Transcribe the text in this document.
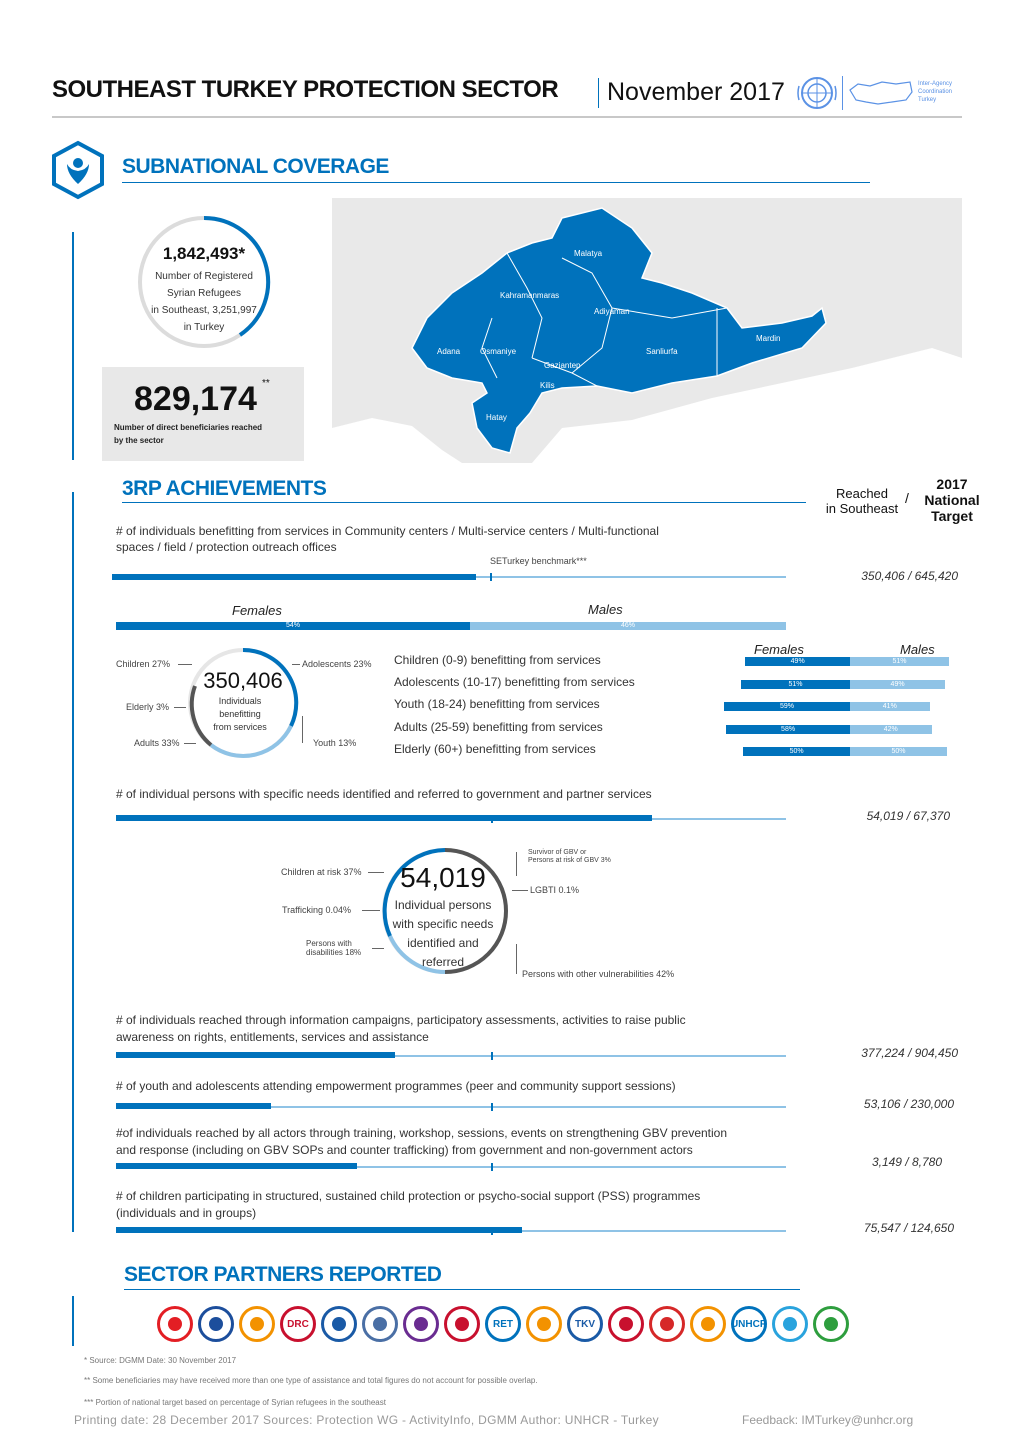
SOUTHEAST TURKEY PROTECTION SECTOR November 2017	Inter-Agency Coordination Turkey
SUBNATIONAL COVERAGE
1,842,493*
Number of Registered
Syrian Refugees
in Southeast, 3,251,997
in Turkey
829,174 **
Number of direct beneficiaries reached
by the sector
Malatya
Kahramanmaras
Adiyaman
Adana Osmaniye
Gaziantep
Sanliurfa
Mardin
Kilis
Hatay
3RP ACHIEVEMENTS	Reached
in Southeast
/
2017
National
Target
# of individuals benefitting from services in Community centers / Multi-service centers / Multi-functional
spaces / field / protection outreach offices
SETurkey benchmark***
350,406 / 645,420
Females	Males
54%	46%
350,406
Individuals
benefitting
from services
Children 27%	Adolescents 23%
Elderly 3%
Adults 33%	Youth 13%
Females	Males
Children (0-9) benefitting from services	49%	51%
Adolescents (10-17) benefitting from services	51%	49%
Youth (18-24) benefitting from services	59%	41%
Adults (25-59) benefitting from services	58%	42%
Elderly (60+) benefitting from services	50%	50%
# of individual persons with specific needs identified and referred to government and partner services
54,019 / 67,370
54,019
Individual persons
with specific needs
identified and
referred
Children at risk 37%
Trafficking 0.04%
Persons with
disabilities 18%
Survivor of GBV or
Persons at risk of GBV 3%
LGBTI 0.1%
Persons with other vulnerabilities 42%
# of individuals reached through information campaigns, participatory assessments, activities to raise public
awareness on rights, entitlements, services and assistance
377,224 / 904,450
# of youth and adolescents attending empowerment programmes (peer and community support sessions)
53,106 / 230,000
#of individuals reached by all actors through training, workshop, sessions, events on strengthening GBV prevention
and response (including on GBV SOPs and counter trafficking) from government and non-government actors
3,149 / 8,780
# of children participating in structured, sustained child protection or psycho-social support (PSS) programmes
(individuals and in groups)
75,547 / 124,650
SECTOR PARTNERS REPORTED
DRC	RET	TKV	UNHCR
* Source: DGMM Date: 30 November 2017
** Some beneficiaries may have received more than one type of assistance and total figures do not account for possible overlap.
*** Portion of national target based on percentage of Syrian refugees in the southeast
Printing date: 28 December 2017 Sources: Protection WG - ActivityInfo, DGMM Author: UNHCR - Turkey	Feedback: IMTurkey@unhcr.org
